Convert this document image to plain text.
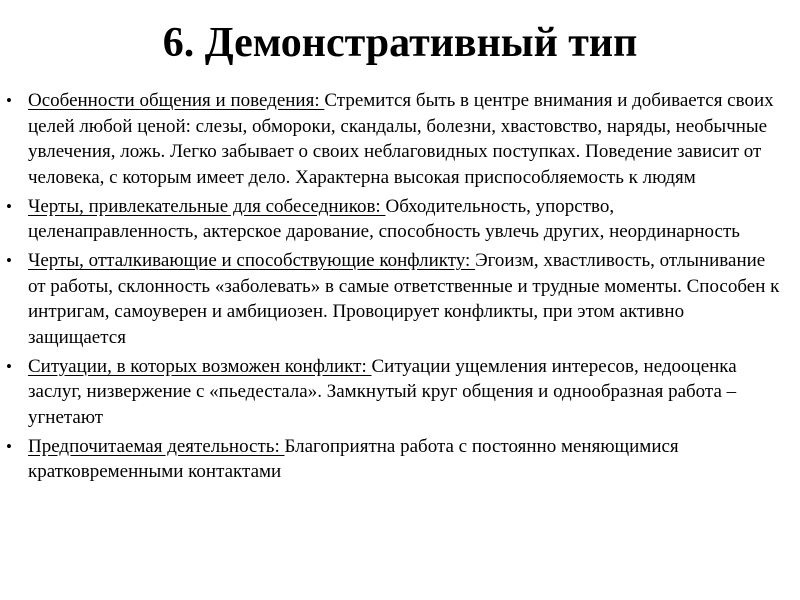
6. Демонстративный тип
• Особенности общения и поведения: Стремится быть в центре внимания и добивается своих целей любой ценой: слезы, обмороки, скандалы, болезни, хвастовство, наряды, необычные увлечения, ложь. Легко забывает о своих неблаговидных поступках. Поведение зависит от человека, с которым имеет дело. Характерна высокая приспособляемость к людям
• Черты, привлекательные для собеседников: Обходительность, упорство, целенаправленность, актерское дарование, способность увлечь других, неординарность
• Черты, отталкивающие и способствующие конфликту: Эгоизм, хвастливость, отлынивание от работы, склонность «заболевать» в самые ответственные и трудные моменты. Способен к интригам, самоуверен и амбициозен. Провоцирует конфликты, при этом активно защищается
• Ситуации, в которых возможен конфликт: Ситуации ущемления интересов, недооценка заслуг, низвержение с «пьедестала». Замкнутый круг общения и однообразная работа – угнетают
• Предпочитаемая деятельность: Благоприятна работа с постоянно меняющимися кратковременными контактами
